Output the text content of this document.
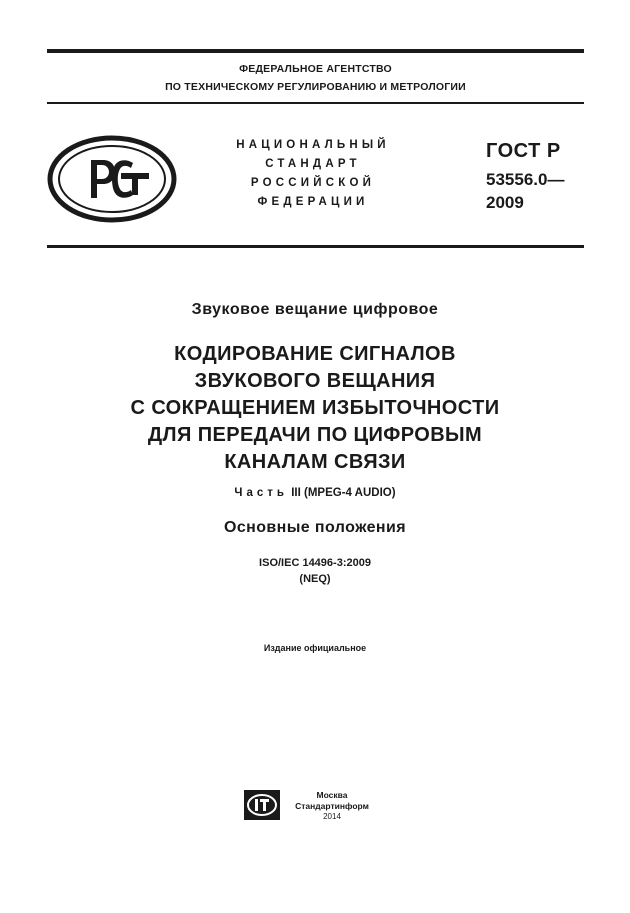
ФЕДЕРАЛЬНОЕ АГЕНТСТВО
ПО ТЕХНИЧЕСКОМУ РЕГУЛИРОВАНИЮ И МЕТРОЛОГИИ
НАЦИОНАЛЬНЫЙ
СТАНДАРТ
РОССИЙСКОЙ
ФЕДЕРАЦИИ
ГОСТ Р
53556.0—
2009
Звуковое вещание цифровое
КОДИРОВАНИЕ СИГНАЛОВ
ЗВУКОВОГО ВЕЩАНИЯ
С СОКРАЩЕНИЕМ ИЗБЫТОЧНОСТИ
ДЛЯ ПЕРЕДАЧИ ПО ЦИФРОВЫМ
КАНАЛАМ СВЯЗИ
Часть III (MPEG-4 AUDIO)
Основные положения
ISO/IEC 14496-3:2009
(NEQ)
Издание официальное
Москва
Стандартинформ
2014
